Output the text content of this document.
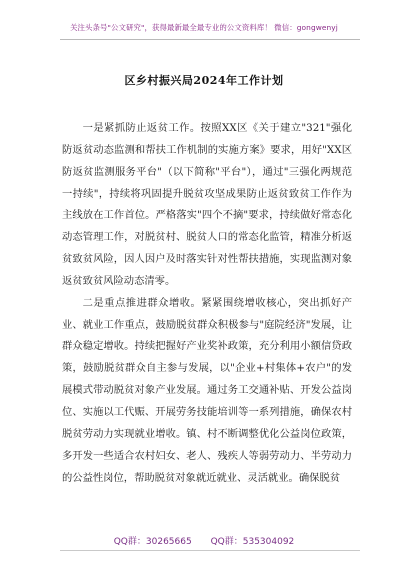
关注头条号"公文研究"，获得最新最全最专业的公文资料库！ 微信：gongwenyj
区乡村振兴局2024年工作计划

一是紧抓防止返贫工作。按照XX区《关于建立"321"强化防返贫动态监测和帮扶工作机制的实施方案》要求，用好"XX区防返贫监测服务平台"（以下简称"平台"），通过"三强化两规范一持续"，持续将巩固提升脱贫攻坚成果防止返贫致贫工作作为主线放在工作首位。严格落实"四个不摘"要求，持续做好常态化动态管理工作，对脱贫村、脱贫人口的常态化监管，精准分析返贫致贫风险，因人因户及时落实针对性帮扶措施，实现监测对象返贫致贫风险动态清零。

二是重点推进群众增收。紧紧围绕增收核心，突出抓好产业、就业工作重点，鼓励脱贫群众积极参与"庭院经济"发展，让群众稳定增收。持续把握好产业奖补政策，充分利用小额信贷政策，鼓励脱贫群众自主参与发展，以"企业+村集体+农户"的发展模式带动脱贫对象产业发展。通过务工交通补贴、开发公益岗位、实施以工代赈、开展劳务技能培训等一系列措施，确保农村脱贫劳动力实现就业增收。镇、村不断调整优化公益岗位政策，多开发一些适合农村妇女、老人、残疾人等弱劳动力、半劳动力的公益性岗位，帮助脱贫对象就近就业、灵活就业。确保脱贫

QQ群：30265665 QQ群：535304092
